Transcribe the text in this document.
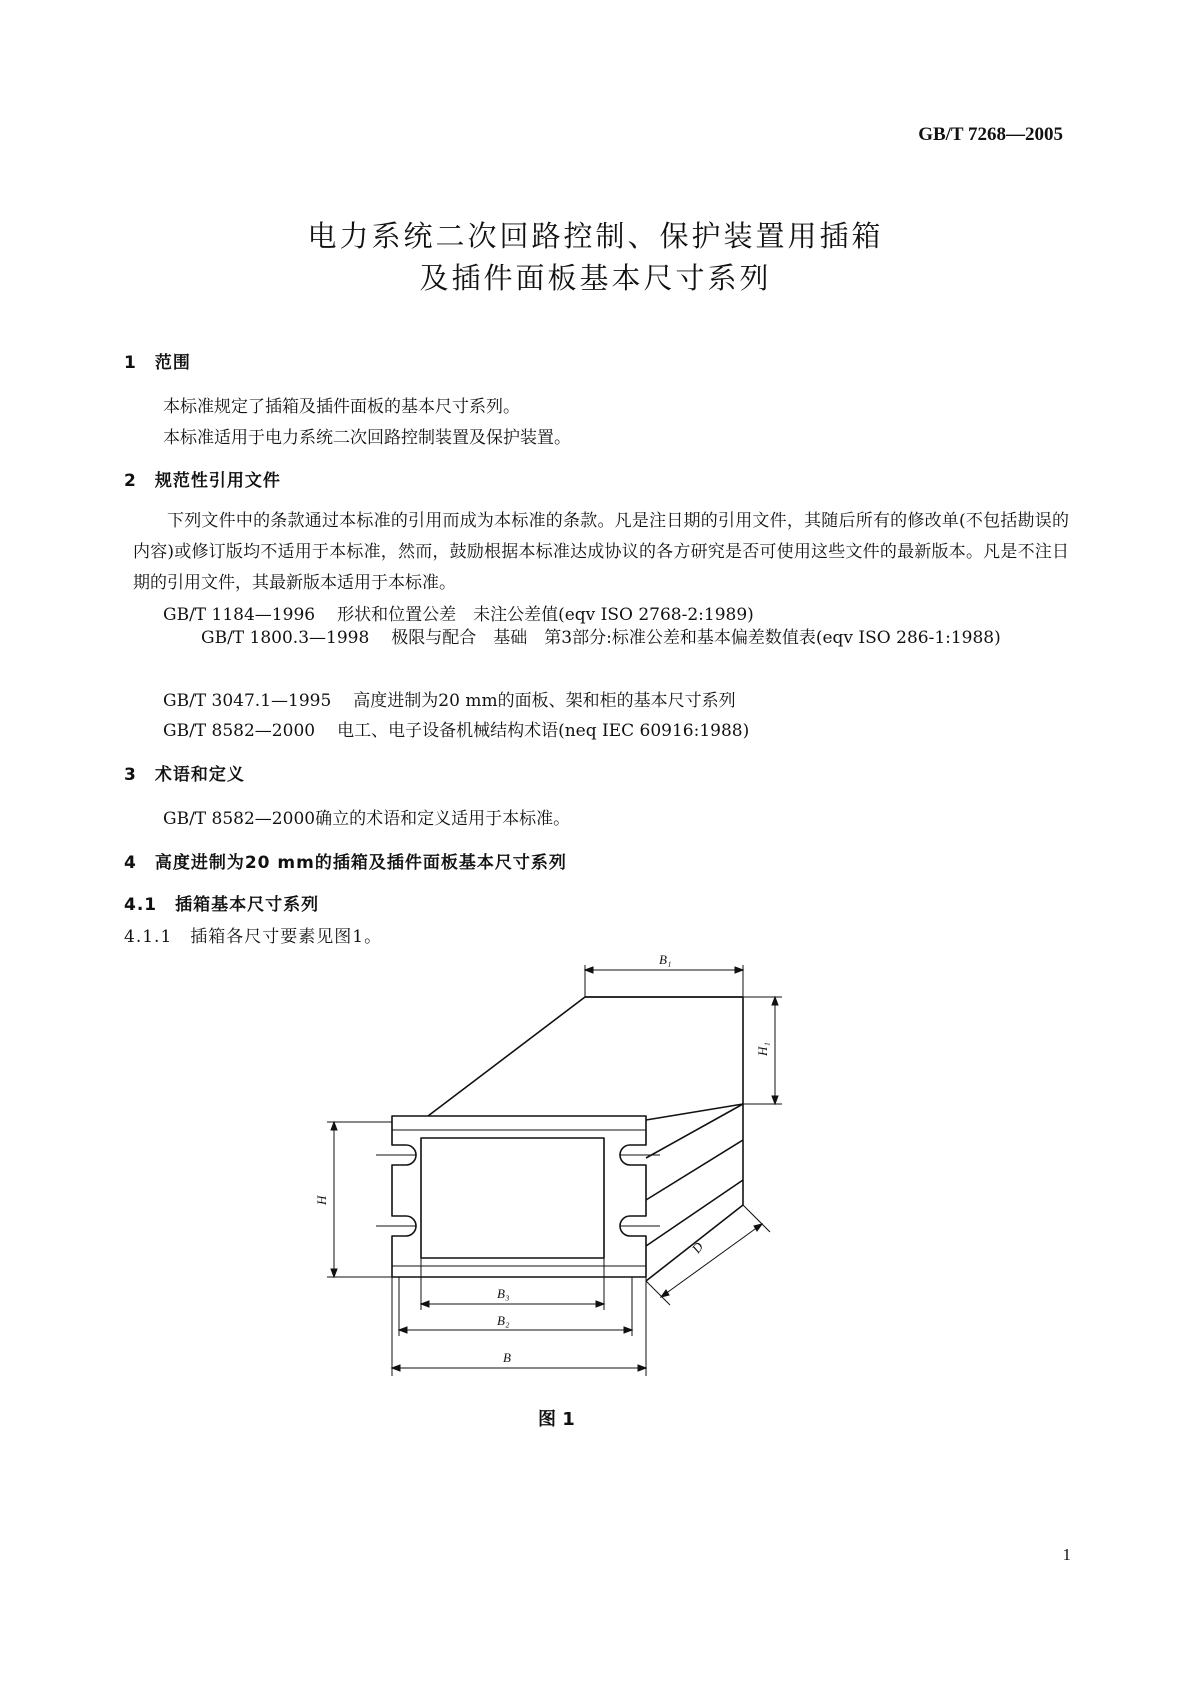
GB/T 7268—2005
电力系统二次回路控制、保护装置用插箱
及插件面板基本尺寸系列
1　范围
本标准规定了插箱及插件面板的基本尺寸系列。
本标准适用于电力系统二次回路控制装置及保护装置。
2　规范性引用文件
下列文件中的条款通过本标准的引用而成为本标准的条款。凡是注日期的引用文件，其随后所有的修改单(不包括勘误的内容)或修订版均不适用于本标准，然而，鼓励根据本标准达成协议的各方研究是否可使用这些文件的最新版本。凡是不注日期的引用文件，其最新版本适用于本标准。
GB/T 1184—1996 形状和位置公差　未注公差值(eqv ISO 2768-2:1989)
GB/T 1800.3—1998 极限与配合　基础　第3部分:标准公差和基本偏差数值表(eqv ISO 286-1:1988)
GB/T 3047.1—1995 高度进制为20 mm的面板、架和柜的基本尺寸系列
GB/T 8582—2000 电工、电子设备机械结构术语(neq IEC 60916:1988)
3　术语和定义
GB/T 8582—2000确立的术语和定义适用于本标准。
4　高度进制为20 mm的插箱及插件面板基本尺寸系列
4.1　插箱基本尺寸系列
4.1.1　插箱各尺寸要素见图1。
B₁
H₁
H
D
B₃
B₂
B
图 1
1
